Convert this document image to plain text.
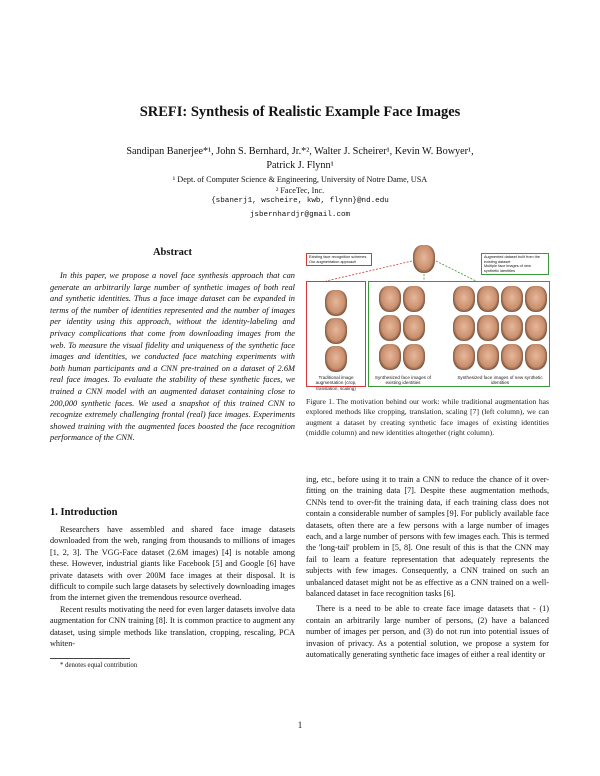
SREFI: Synthesis of Realistic Example Face Images
Sandipan Banerjee*¹, John S. Bernhard, Jr.*², Walter J. Scheirer¹, Kevin W. Bowyer¹,
Patrick J. Flynn¹
¹ Dept. of Computer Science & Engineering, University of Notre Dame, USA
² FaceTec, Inc.
{sbanerj1, wscheire, kwb, flynn}@nd.edu
jsbernhardjr@gmail.com
Abstract
In this paper, we propose a novel face synthesis approach that can generate an arbitrarily large number of synthetic images of both real and synthetic identities. Thus a face image dataset can be expanded in terms of the number of identities represented and the number of images per identity using this approach, without the identity-labeling and privacy complications that come from downloading images from the web. To measure the visual fidelity and uniqueness of the synthetic face images and identities, we conducted face matching experiments with both human participants and a CNN pre-trained on a dataset of 2.6M real face images. To evaluate the stability of these synthetic faces, we trained a CNN model with an augmented dataset containing close to 200,000 synthetic faces. We used a snapshot of this trained CNN to recognize extremely challenging frontal (real) face images. Experiments showed training with the augmented faces boosted the face recognition performance of the CNN.
1. Introduction

Researchers have assembled and shared face image datasets downloaded from the web, ranging from thousands to millions of images [1, 2, 3]. The VGG-Face dataset (2.6M images) [4] is notable among these. However, industrial giants like Facebook [5] and Google [6] have private datasets with over 200M face images at their disposal. It is difficult to compile such large datasets by selectively downloading images from the internet given the tremendous resource overhead.

Recent results motivating the need for even larger datasets involve data augmentation for CNN training [8]. It is common practice to augment any dataset, using simple methods like translation, cropping, rescaling, PCA whiten-

* denotes equal contribution
Existing face recognition schemes
Our augmentation approach
Augmented dataset built from the existing dataset
Multiple face images of new synthetic identities
Traditional image augmentation (crop, translation, scaling)
Synthesized face images of existing identities
Synthesized face images of new synthetic identities
Figure 1. The motivation behind our work: while traditional augmentation has explored methods like cropping, translation, scaling [7] (left column), we can augment a dataset by creating synthetic face images of existing identities (middle column) and new identities altogether (right column).

ing, etc., before using it to train a CNN to reduce the chance of it over-fitting on the training data [7]. Despite these augmentation methods, CNNs tend to over-fit the training data, if each training class does not contain a considerable number of samples [9]. For publicly available face datasets, often there are a few persons with a large number of images each, and a large number of persons with few images each. This is termed the 'long-tail' problem in [5, 8]. One result of this is that the CNN may fail to learn a feature representation that adequately represents the subjects with few images. Consequently, a CNN trained on such an unbalanced dataset might not be as effective as a CNN trained on a well-balanced dataset in face recognition tasks [6].

There is a need to be able to create face image datasets that - (1) contain an arbitrarily large number of persons, (2) have a balanced number of images per person, and (3) do not run into potential issues of invasion of privacy. As a potential solution, we propose a system for automatically generating synthetic face images of either a real identity or

1
